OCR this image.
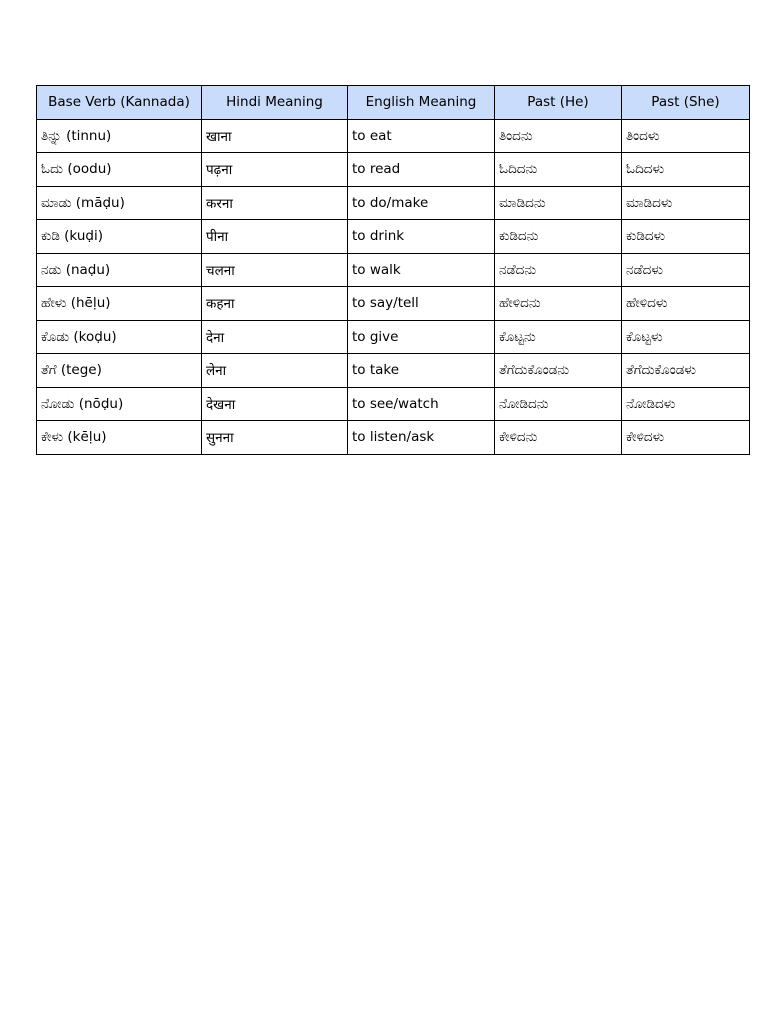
Base Verb (Kannada)	Hindi Meaning	English Meaning	Past (He)	Past (She)
ತಿನ್ನು (tinnu)	खाना	to eat	ತಿಂದನು	ತಿಂದಳು
ಓದು (oodu)	पढ़ना	to read	ಓದಿದನು	ಓದಿದಳು
ಮಾಡು (māḍu)	करना	to do/make	ಮಾಡಿದನು	ಮಾಡಿದಳು
ಕುಡಿ (kuḍi)	पीना	to drink	ಕುಡಿದನು	ಕುಡಿದಳು
ನಡು (naḍu)	चलना	to walk	ನಡೆದನು	ನಡೆದಳು
ಹೇಳು (hēḷu)	कहना	to say/tell	ಹೇಳಿದನು	ಹೇಳಿದಳು
ಕೊಡು (koḍu)	देना	to give	ಕೊಟ್ಟನು	ಕೊಟ್ಟಳು
ತೆಗೆ (tege)	लेना	to take	ತೆಗೆದುಕೊಂಡನು	ತೆಗೆದುಕೊಂಡಳು
ನೋಡು (nōḍu)	देखना	to see/watch	ನೋಡಿದನು	ನೋಡಿದಳು
ಕೇಳು (kēḷu)	सुनना	to listen/ask	ಕೇಳಿದನು	ಕೇಳಿದಳು
